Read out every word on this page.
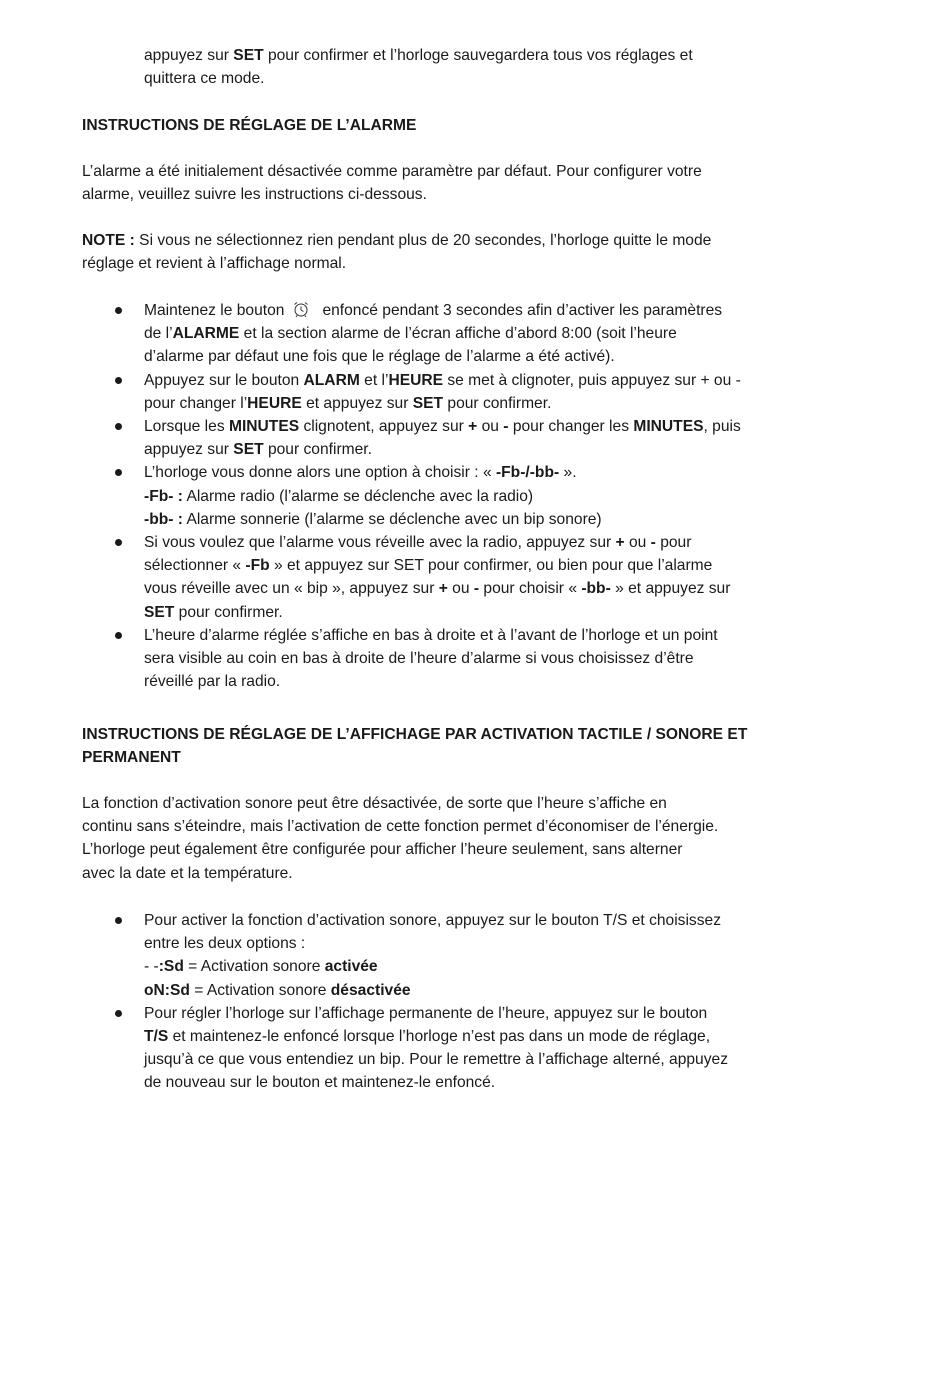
appuyez sur SET pour confirmer et l’horloge sauvegardera tous vos réglages et
quittera ce mode.

INSTRUCTIONS DE RÉGLAGE DE L’ALARME

L’alarme a été initialement désactivée comme paramètre par défaut. Pour configurer votre
alarme, veuillez suivre les instructions ci-dessous.

NOTE : Si vous ne sélectionnez rien pendant plus de 20 secondes, l’horloge quitte le mode
réglage et revient à l’affichage normal.

Maintenez le bouton enfoncé pendant 3 secondes afin d’activer les paramètres
de l’ALARME et la section alarme de l’écran affiche d’abord 8:00 (soit l’heure
d’alarme par défaut une fois que le réglage de l’alarme a été activé).
Appuyez sur le bouton ALARM et l’HEURE se met à clignoter, puis appuyez sur + ou -
pour changer l’HEURE et appuyez sur SET pour confirmer.
Lorsque les MINUTES clignotent, appuyez sur + ou - pour changer les MINUTES, puis
appuyez sur SET pour confirmer.
L’horloge vous donne alors une option à choisir : « -Fb-/-bb- ».
-Fb- : Alarme radio (l’alarme se déclenche avec la radio)
-bb- : Alarme sonnerie (l’alarme se déclenche avec un bip sonore)
Si vous voulez que l’alarme vous réveille avec la radio, appuyez sur + ou - pour
sélectionner « -Fb » et appuyez sur SET pour confirmer, ou bien pour que l’alarme
vous réveille avec un « bip », appuyez sur + ou - pour choisir « -bb- » et appuyez sur
SET pour confirmer.
L’heure d’alarme réglée s’affiche en bas à droite et à l’avant de l’horloge et un point
sera visible au coin en bas à droite de l’heure d’alarme si vous choisissez d’être
réveillé par la radio.

INSTRUCTIONS DE RÉGLAGE DE L’AFFICHAGE PAR ACTIVATION TACTILE / SONORE ET
PERMANENT

La fonction d’activation sonore peut être désactivée, de sorte que l’heure s’affiche en
continu sans s’éteindre, mais l’activation de cette fonction permet d’économiser de l’énergie.
L’horloge peut également être configurée pour afficher l’heure seulement, sans alterner
avec la date et la température.

Pour activer la fonction d’activation sonore, appuyez sur le bouton T/S et choisissez
entre les deux options :
- -:Sd = Activation sonore activée
oN:Sd = Activation sonore désactivée
Pour régler l’horloge sur l’affichage permanente de l’heure, appuyez sur le bouton
T/S et maintenez-le enfoncé lorsque l’horloge n’est pas dans un mode de réglage,
jusqu’à ce que vous entendiez un bip. Pour le remettre à l’affichage alterné, appuyez
de nouveau sur le bouton et maintenez-le enfoncé.
